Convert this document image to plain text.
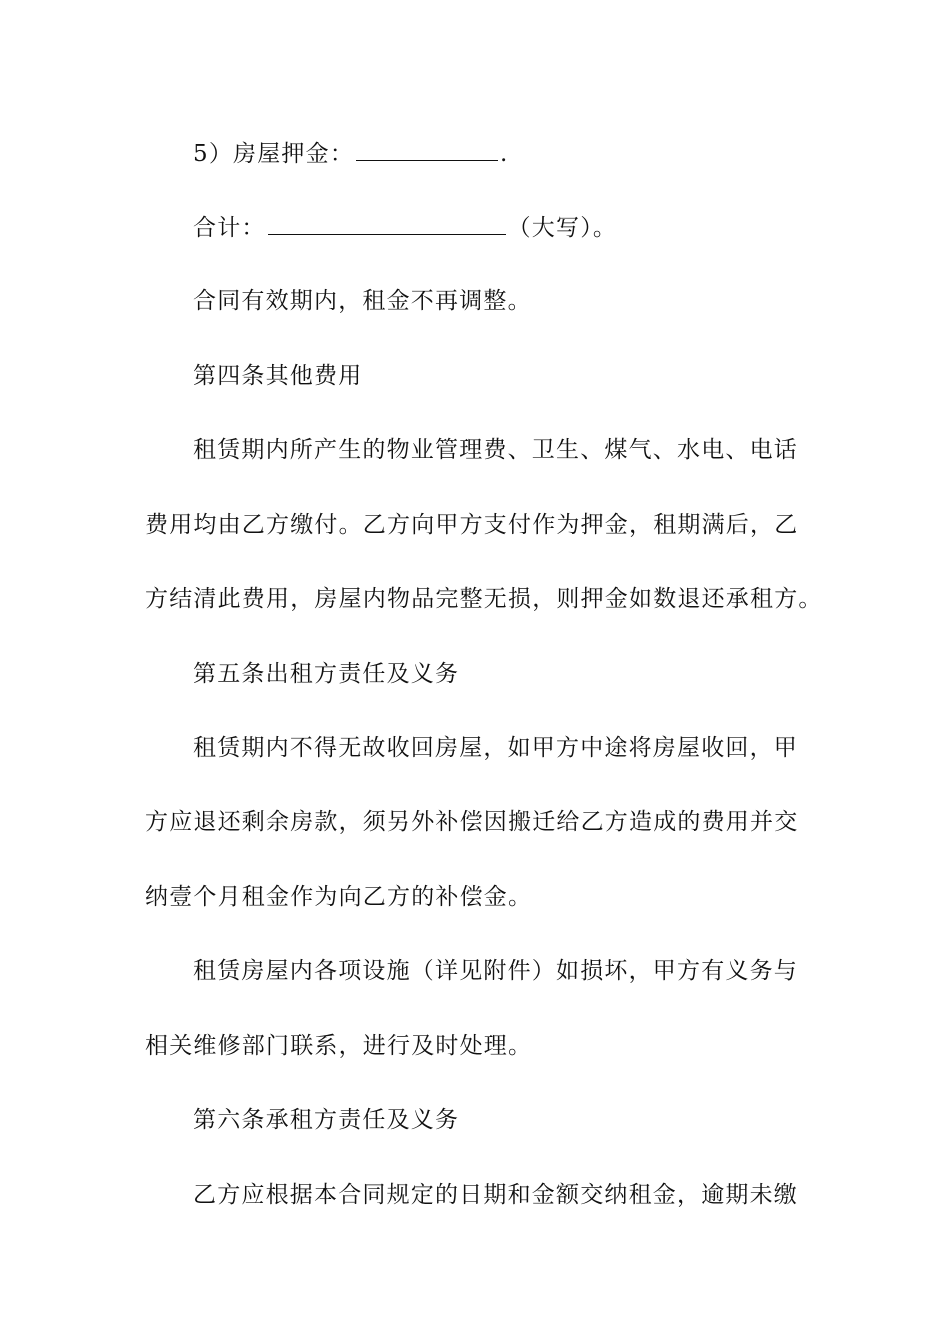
5）房屋押金：	.
合计：	（大写）。
合同有效期内，租金不再调整。
第四条其他费用
租赁期内所产生的物业管理费、卫生、煤气、水电、电话
费用均由乙方缴付。乙方向甲方支付作为押金，租期满后，乙
方结清此费用，房屋内物品完整无损，则押金如数退还承租方。
第五条出租方责任及义务
租赁期内不得无故收回房屋，如甲方中途将房屋收回，甲
方应退还剩余房款，须另外补偿因搬迁给乙方造成的费用并交
纳壹个月租金作为向乙方的补偿金。
租赁房屋内各项设施（详见附件）如损坏，甲方有义务与
相关维修部门联系，进行及时处理。
第六条承租方责任及义务
乙方应根据本合同规定的日期和金额交纳租金，逾期未缴
